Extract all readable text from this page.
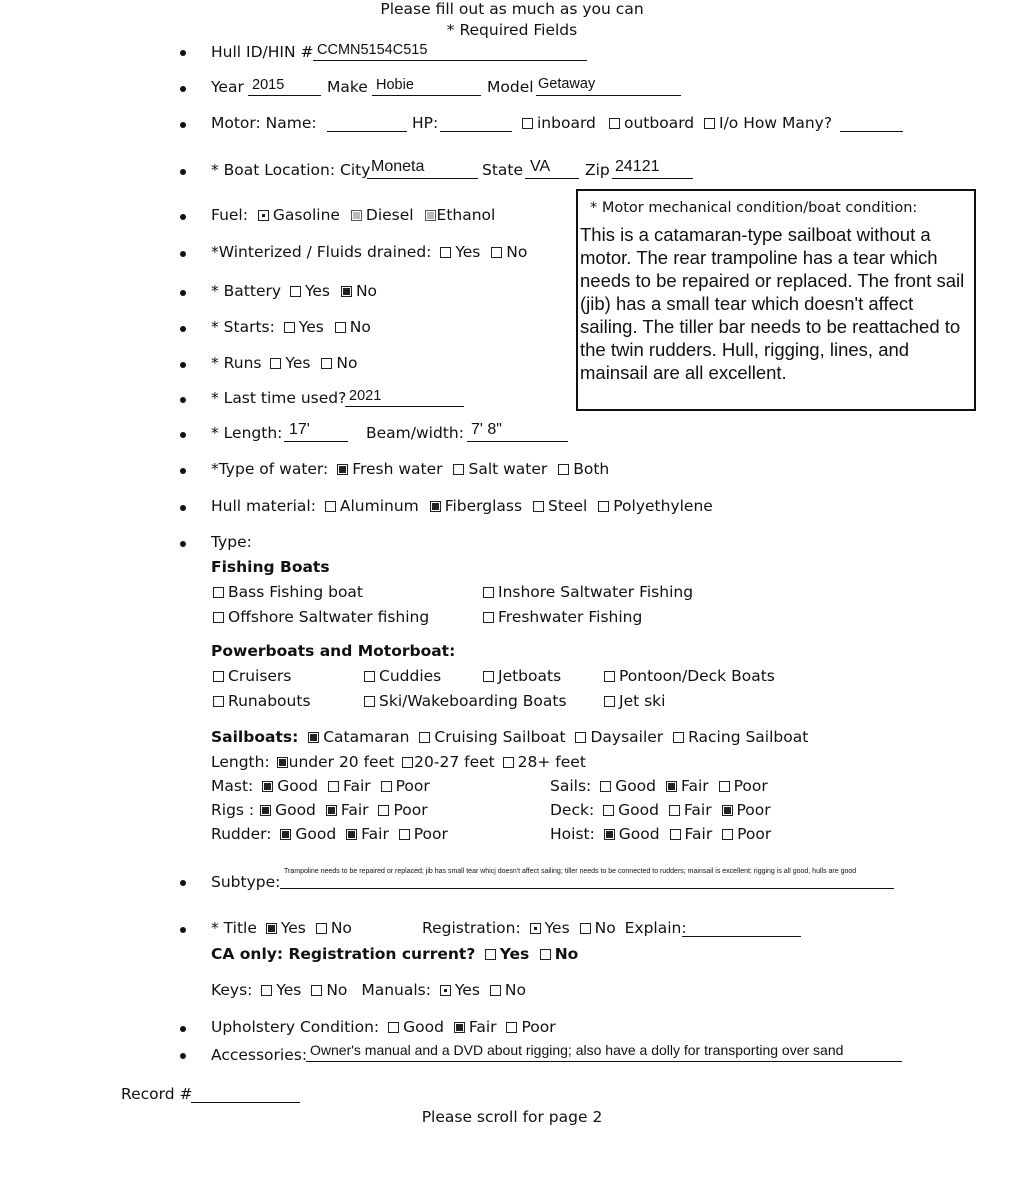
Please fill out as much as you can
* Required Fields
Hull ID/HIN # CCMN5154C515
Year 2015	Make Hobie	Model Getaway
Motor: Name:	HP:	inboard	outboard	I/o How Many?
* Boat Location: City Moneta	State VA Zip 24121
* Motor mechanical condition/boat condition:
This is a catamaran-type sailboat without a motor. The rear trampoline has a tear which needs to be repaired or replaced. The front sail (jib) has a small tear which doesn't affect sailing. The tiller bar needs to be reattached to the twin rudders. Hull, rigging, lines, and mainsail are all excellent.
Fuel: Gasoline Diesel Ethanol
*Winterized / Fluids drained: Yes No
* Battery Yes No
* Starts: Yes No
* Runs Yes No
* Last time used? 2021
* Length: 17'	Beam/width: 7' 8"
*Type of water: Fresh water Salt water Both
Hull material: Aluminum Fiberglass Steel Polyethylene
Type:
Fishing Boats
Bass Fishing boat	Inshore Saltwater Fishing
Offshore Saltwater fishing	Freshwater Fishing
Powerboats and Motorboat:
Cruisers	Cuddies	Jetboats	Pontoon/Deck Boats
Runabouts	Ski/Wakeboarding Boats	Jet ski
Sailboats: Catamaran Cruising Sailboat Daysailer Racing Sailboat
Length: under 20 feet 20-27 feet 28+ feet
Mast: Good Fair Poor	Sails: Good Fair Poor
Rigs : Good Fair Poor	Deck: Good Fair Poor
Rudder: Good Fair Poor	Hoist: Good Fair Poor
Subtype:
Trampoline needs to be repaired or replaced; jib has small tear whicj doesn't affect sailing; tiller needs to be connected to rudders; mainsail is excellent; rigging is all good, hulls are good
* Title Yes No	Registration: Yes No Explain:
CA only: Registration current? Yes No
Keys: Yes No Manuals: Yes No
Upholstery Condition: Good Fair Poor
Accessories: Owner's manual and a DVD about rigging; also have a dolly for transporting over sand
Record #
Please scroll for page 2
